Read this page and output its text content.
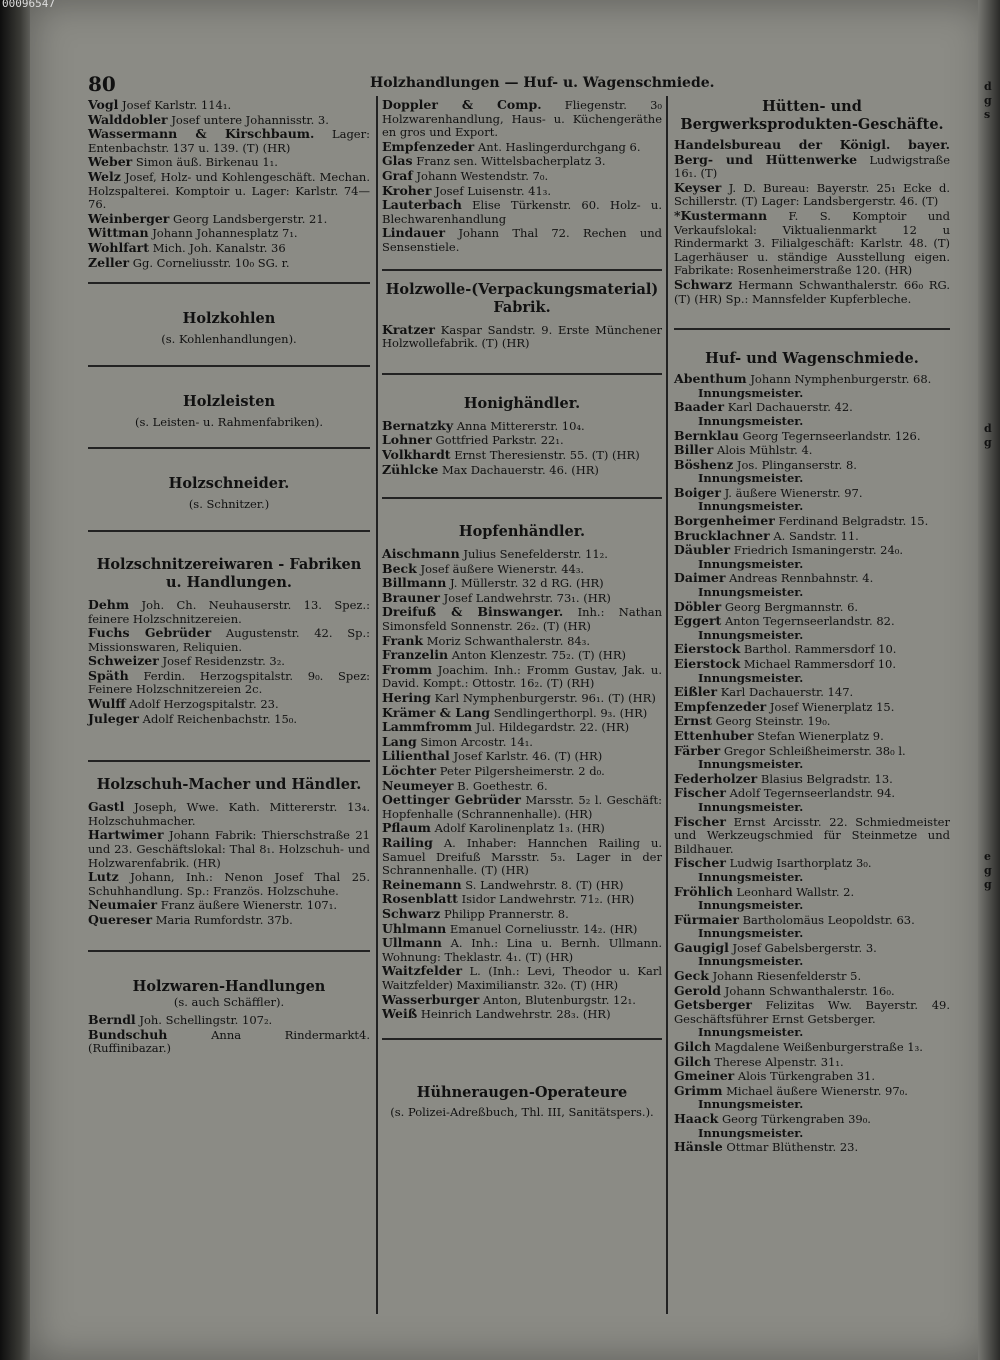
d
g
s
d
g
e
g
g
00096547
80	Holzhandlungen — Huf- u. Wagenschmiede.

Vogl Josef Karlstr. 114₁.

Walddobler Josef untere Johannisstr. 3.

Wassermann & Kirschbaum. Lager: Entenbachstr. 137 u. 139. (T) (HR)

Weber Simon äuß. Birkenau 1₁.

Welz Josef, Holz- und Kohlengeschäft. Mechan. Holzspalterei. Komptoir u. Lager: Karlstr. 74—76.

Weinberger Georg Landsbergerstr. 21.

Wittman Johann Johannesplatz 7₁.

Wohlfart Mich. Joh. Kanalstr. 36

Zeller Gg. Corneliusstr. 10₀ SG. r.

Holzkohlen

(s. Kohlenhandlungen).

Holzleisten

(s. Leisten- u. Rahmenfabriken).

Holzschneider.

(s. Schnitzer.)

Holzschnitzereiwaren - Fabriken u. Handlungen.

Dehm Joh. Ch. Neuhauserstr. 13. Spez.: feinere Holzschnitzereien.

Fuchs Gebrüder Augustenstr. 42. Sp.: Missionswaren, Reliquien.

Schweizer Josef Residenzstr. 3₂.

Späth Ferdin. Herzogspitalstr. 9₀. Spez: Feinere Holzschnitzereien 2c.

Wulff Adolf Herzogspitalstr. 23.

Juleger Adolf Reichenbachstr. 15₀.

Holzschuh-Macher und Händler.

Gastl Joseph, Wwe. Kath. Mittererstr. 13₄. Holzschuhmacher.

Hartwimer Johann Fabrik: Thierschstraße 21 und 23. Geschäftslokal: Thal 8₁. Holzschuh- und Holzwarenfabrik. (HR)

Lutz Johann, Inh.: Nenon Josef Thal 25. Schuhhandlung. Sp.: Französ. Holzschuhe.

Neumaier Franz äußere Wienerstr. 107₁.

Quereser Maria Rumfordstr. 37b.

Holzwaren-Handlungen

(s. auch Schäffler).

Berndl Joh. Schellingstr. 107₂.

Bundschuh	Anna Rindermarkt4. (Ruffinibazar.)

Doppler & Comp. Fliegenstr. 3₀ Holzwarenhandlung, Haus- u. Küchengeräthe en gros und Export.

Empfenzeder Ant. Haslingerdurchgang 6.

Glas Franz sen. Wittelsbacherplatz 3.

Graf Johann Westendstr. 7₀.

Kroher Josef Luisenstr. 41₃.

Lauterbach Elise Türkenstr. 60. Holz- u. Blechwarenhandlung

Lindauer Johann Thal 72. Rechen und Sensenstiele.

Holzwolle-(Verpackungsmaterial) Fabrik.

Kratzer Kaspar Sandstr. 9. Erste Münchener Holzwollefabrik. (T) (HR)

Honighändler.

Bernatzky Anna Mittererstr. 10₄.

Lohner Gottfried Parkstr. 22₁.

Volkhardt Ernst Theresienstr. 55. (T) (HR)

Zühlcke Max Dachauerstr. 46. (HR)

Hopfenhändler.

Aischmann Julius Senefelderstr. 11₂.

Beck Josef äußere Wienerstr. 44₃.

Billmann J. Müllerstr. 32 d RG. (HR)

Brauner Josef Landwehrstr. 73₁. (HR)

Dreifuß & Binswanger. Inh.: Nathan Simonsfeld Sonnenstr. 26₂. (T) (HR)

Frank Moriz Schwanthalerstr. 84₃.

Franzelin Anton Klenzestr. 75₂. (T) (HR)

Fromm Joachim. Inh.: Fromm Gustav, Jak. u. David. Kompt.: Ottostr. 16₂. (T) (RH)

Hering Karl Nymphenburgerstr. 96₁. (T) (HR)

Krämer & Lang Sendlingerthorpl. 9₃. (HR)

Lammfromm Jul. Hildegardstr. 22. (HR)

Lang Simon Arcostr. 14₁.

Lilienthal Josef Karlstr. 46. (T) (HR)

Löchter Peter Pilgersheimerstr. 2 d₀.

Neumeyer B. Goethestr. 6.

Oettinger Gebrüder Marsstr. 5₂ l. Geschäft: Hopfenhalle (Schrannenhalle). (HR)

Pflaum Adolf Karolinenplatz 1₃. (HR)

Railing A. Inhaber: Hannchen Railing u. Samuel Dreifuß Marsstr. 5₃. Lager in der Schrannenhalle. (T) (HR)

Reinemann S. Landwehrstr. 8. (T) (HR)

Rosenblatt Isidor Landwehrstr. 71₂. (HR)

Schwarz Philipp Prannerstr. 8.

Uhlmann Emanuel Corneliusstr. 14₂. (HR)

Ullmann A. Inh.: Lina u. Bernh. Ullmann. Wohnung: Theklastr. 4₁. (T) (HR)

Waitzfelder L. (Inh.: Levi, Theodor u. Karl Waitzfelder) Maximilianstr. 32₀. (T) (HR)

Wasserburger Anton, Blutenburgstr. 12₁.

Weiß Heinrich Landwehrstr. 28₃. (HR)

Hühneraugen-Operateure

(s. Polizei-Adreßbuch, Thl. III, Sanitätspers.).

Hütten- und Bergwerksprodukten-Geschäfte.

Handelsbureau der Königl. bayer. Berg- und Hüttenwerke Ludwigstraße 16₁. (T)

Keyser J. D. Bureau: Bayerstr. 25₁ Ecke d. Schillerstr. (T) Lager: Landsbergerstr. 46. (T)

*Kustermann F. S. Komptoir und Verkaufslokal: Viktualienmarkt 12 u Rindermarkt 3. Filialgeschäft: Karlstr. 48. (T) Lagerhäuser u. ständige Ausstellung eigen. Fabrikate: Rosenheimerstraße 120. (HR)

Schwarz Hermann Schwanthalerstr. 66₀ RG. (T) (HR) Sp.: Mannsfelder Kupferbleche.

Huf- und Wagenschmiede.

Abenthum Johann Nymphenburgerstr. 68.

Innungsmeister.

Baader Karl Dachauerstr. 42.

Innungsmeister.

Bernklau Georg Tegernseerlandstr. 126.

Biller Alois Mühlstr. 4.

Böshenz Jos. Plinganserstr. 8.

Innungsmeister.

Boiger J. äußere Wienerstr. 97.

Innungsmeister.

Borgenheimer Ferdinand Belgradstr. 15.

Brucklachner A. Sandstr. 11.

Däubler Friedrich Ismaningerstr. 24₀.

Innungsmeister.

Daimer Andreas Rennbahnstr. 4.

Innungsmeister.

Döbler Georg Bergmannstr. 6.

Eggert Anton Tegernseerlandstr. 82.

Innungsmeister.

Eierstock Barthol. Rammersdorf 10.

Eierstock Michael Rammersdorf 10.

Innungsmeister.

Eißler Karl Dachauerstr. 147.

Empfenzeder Josef Wienerplatz 15.

Ernst Georg Steinstr. 19₀.

Ettenhuber Stefan Wienerplatz 9.

Färber Gregor Schleißheimerstr. 38₀ l.

Innungsmeister.

Federholzer Blasius Belgradstr. 13.

Fischer Adolf Tegernseerlandstr. 94.

Innungsmeister.

Fischer Ernst Arcisstr. 22. Schmiedmeister und Werkzeugschmied für Steinmetze und Bildhauer.

Fischer Ludwig Isarthorplatz 3₀.

Innungsmeister.

Fröhlich Leonhard Wallstr. 2.

Innungsmeister.

Fürmaier Bartholomäus Leopoldstr. 63.

Innungsmeister.

Gaugigl Josef Gabelsbergerstr. 3.

Innungsmeister.

Geck Johann Riesenfelderstr 5.

Gerold Johann Schwanthalerstr. 16₀.

Getsberger Felizitas Ww. Bayerstr. 49. Geschäftsführer Ernst Getsberger.

Innungsmeister.

Gilch Magdalene Weißenburgerstraße 1₃.

Gilch Therese Alpenstr. 31₁.

Gmeiner Alois Türkengraben 31.

Grimm Michael äußere Wienerstr. 97₀.

Innungsmeister.

Haack Georg Türkengraben 39₀.

Innungsmeister.

Hänsle Ottmar Blüthenstr. 23.
